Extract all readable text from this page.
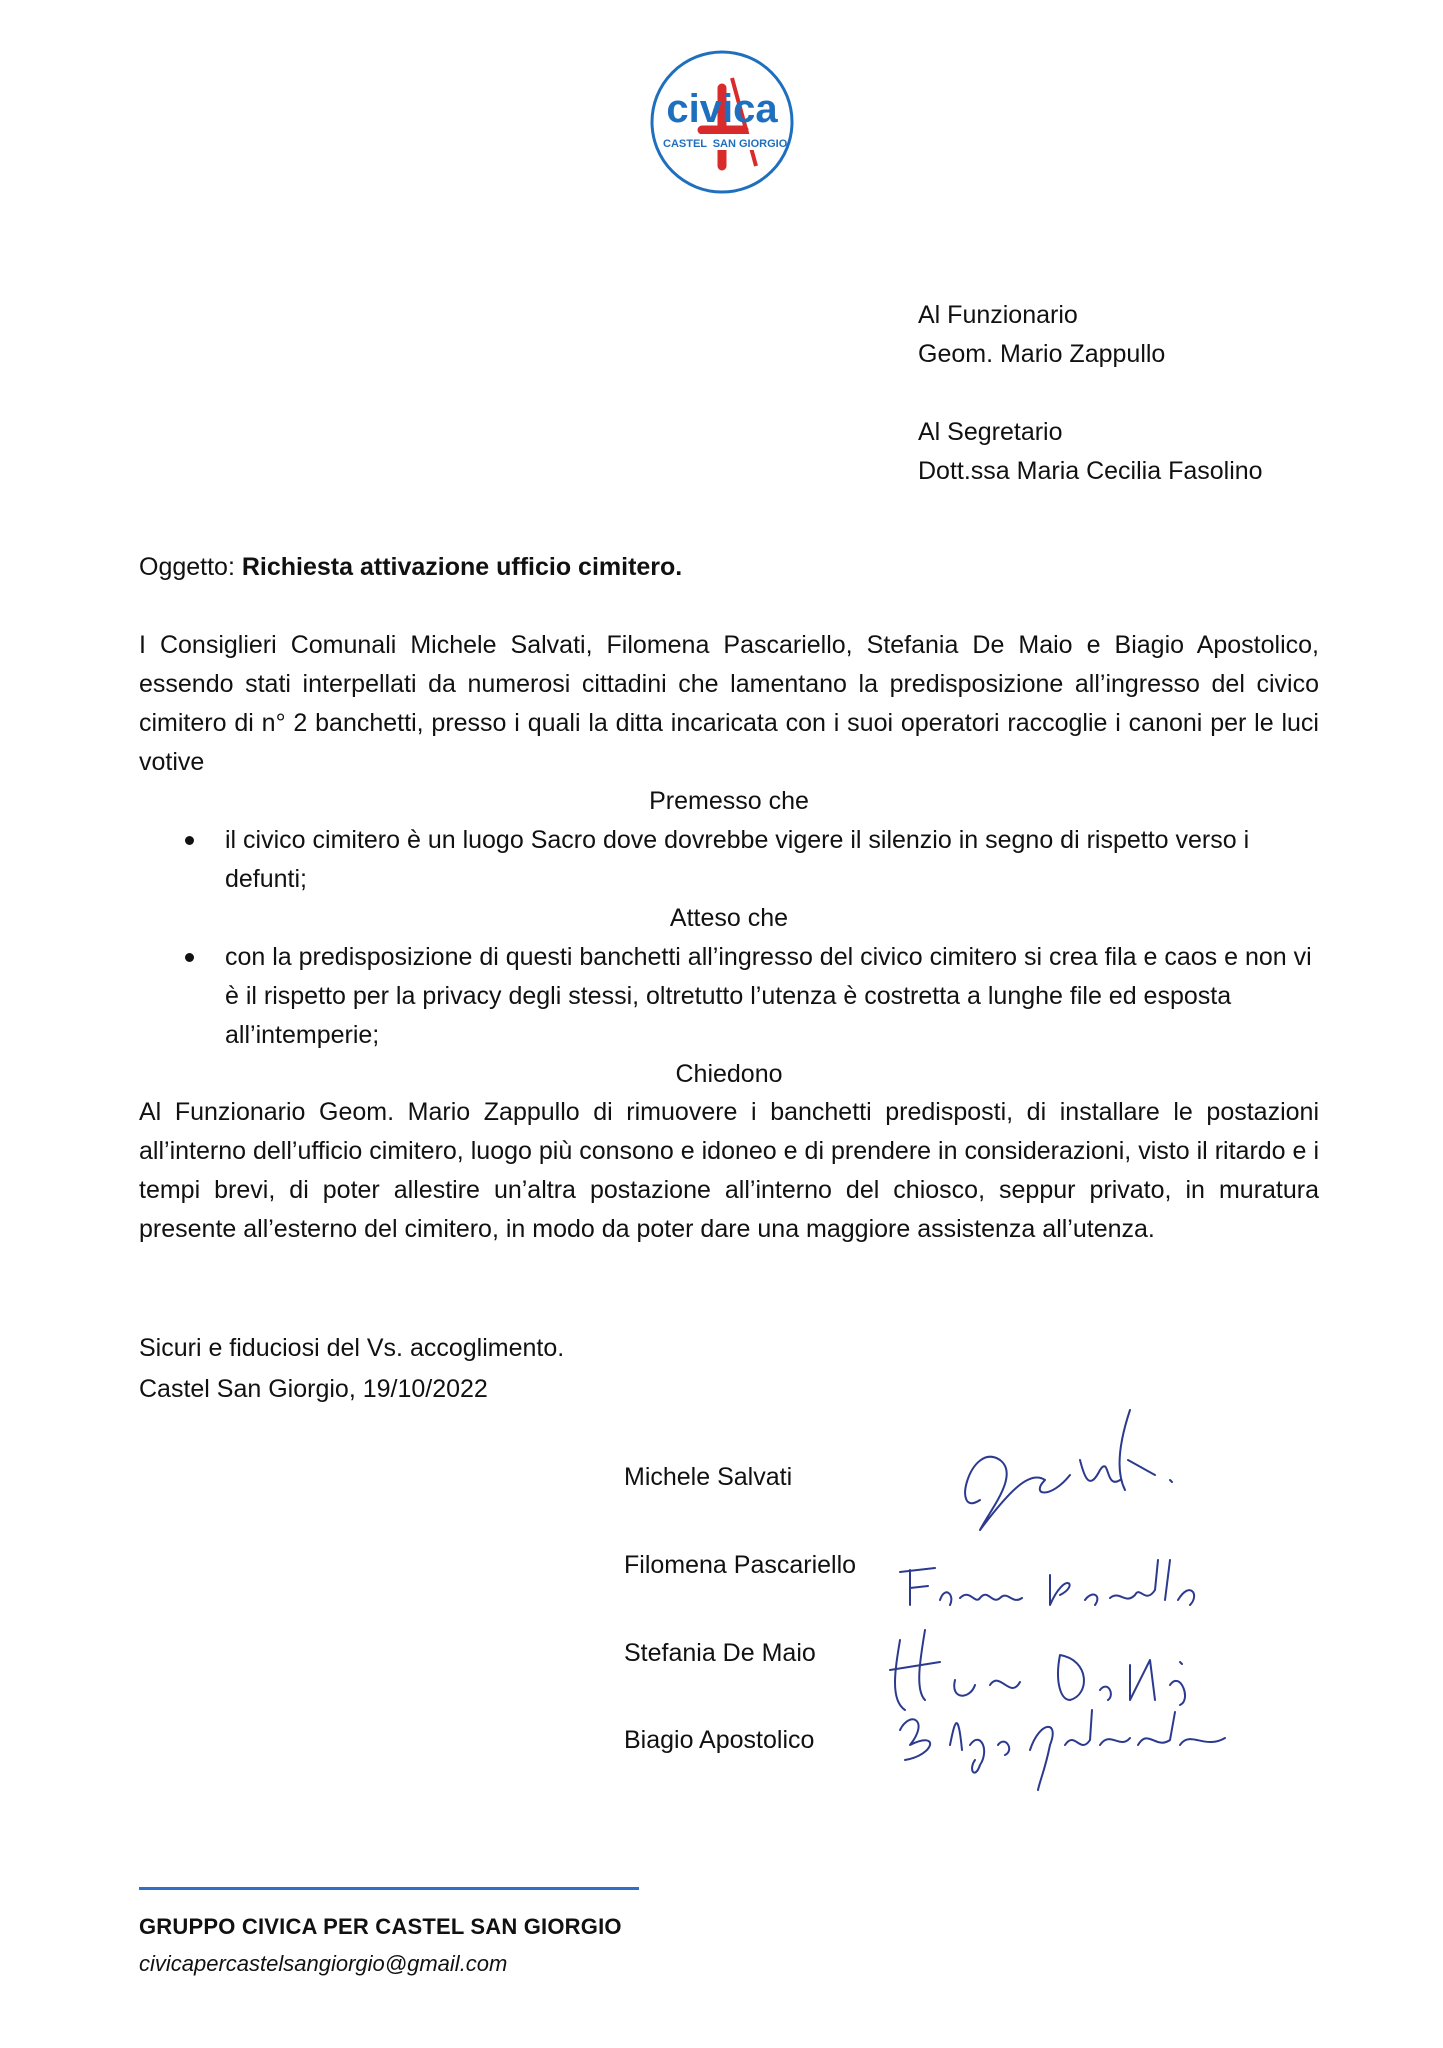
civica
CASTEL SAN GIORGIO
Al Funzionario
Geom. Mario Zappullo
Al Segretario
Dott.ssa Maria Cecilia Fasolino
Oggetto: Richiesta attivazione ufficio cimitero.
I Consiglieri Comunali Michele Salvati, Filomena Pascariello, Stefania De Maio e Biagio Apostolico, essendo stati interpellati da numerosi cittadini che lamentano la predisposizione all’ingresso del civico cimitero di n° 2 banchetti, presso i quali la ditta incaricata con i suoi operatori raccoglie i canoni per le luci votive
Premesso che
il civico cimitero è un luogo Sacro dove dovrebbe vigere il silenzio in segno di rispetto verso i defunti;
Atteso che
con la predisposizione di questi banchetti all’ingresso del civico cimitero si crea fila e caos e non vi è il rispetto per la privacy degli stessi, oltretutto l’utenza è costretta a lunghe file ed esposta all’intemperie;
Chiedono
Al Funzionario Geom. Mario Zappullo di rimuovere i banchetti predisposti, di installare le postazioni all’interno dell’ufficio cimitero, luogo più consono e idoneo e di prendere in considerazioni, visto il ritardo e i tempi brevi, di poter allestire un’altra postazione all’interno del chiosco, seppur privato, in muratura presente all’esterno del cimitero, in modo da poter dare una maggiore assistenza all’utenza.
Sicuri e fiduciosi del Vs. accoglimento.
Castel San Giorgio, 19/10/2022
Michele Salvati
Filomena Pascariello
Stefania De Maio
Biagio Apostolico
GRUPPO CIVICA PER CASTEL SAN GIORGIO
civicapercastelsangiorgio@gmail.com
